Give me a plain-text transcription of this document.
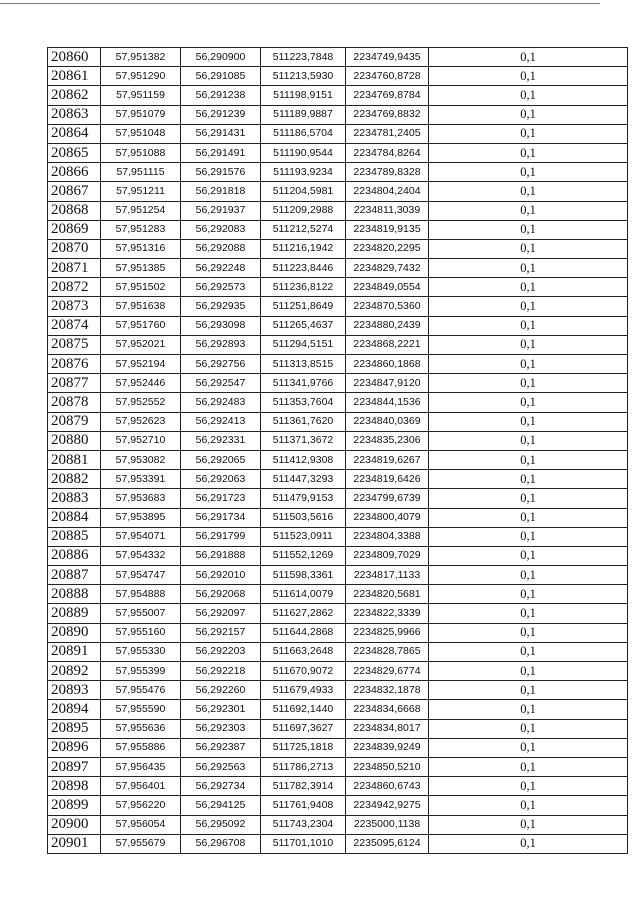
20860	57,951382	56,290900	511223,7848	2234749,9435	0,1
20861	57,951290	56,291085	511213,5930	2234760,8728	0,1
20862	57,951159	56,291238	511198,9151	2234769,8784	0,1
20863	57,951079	56,291239	511189,9887	2234769,8832	0,1
20864	57,951048	56,291431	511186,5704	2234781,2405	0,1
20865	57,951088	56,291491	511190,9544	2234784,8264	0,1
20866	57,951115	56,291576	511193,9234	2234789,8328	0,1
20867	57,951211	56,291818	511204,5981	2234804,2404	0,1
20868	57,951254	56,291937	511209,2988	2234811,3039	0,1
20869	57,951283	56,292083	511212,5274	2234819,9135	0,1
20870	57,951316	56,292088	511216,1942	2234820,2295	0,1
20871	57,951385	56,292248	511223,8446	2234829,7432	0,1
20872	57,951502	56,292573	511236,8122	2234849,0554	0,1
20873	57,951638	56,292935	511251,8649	2234870,5360	0,1
20874	57,951760	56,293098	511265,4637	2234880,2439	0,1
20875	57,952021	56,292893	511294,5151	2234868,2221	0,1
20876	57,952194	56,292756	511313,8515	2234860,1868	0,1
20877	57,952446	56,292547	511341,9766	2234847,9120	0,1
20878	57,952552	56,292483	511353,7604	2234844,1536	0,1
20879	57,952623	56,292413	511361,7620	2234840,0369	0,1
20880	57,952710	56,292331	511371,3672	2234835,2306	0,1
20881	57,953082	56,292065	511412,9308	2234819,6267	0,1
20882	57,953391	56,292063	511447,3293	2234819,6426	0,1
20883	57,953683	56,291723	511479,9153	2234799,6739	0,1
20884	57,953895	56,291734	511503,5616	2234800,4079	0,1
20885	57,954071	56,291799	511523,0911	2234804,3388	0,1
20886	57,954332	56,291888	511552,1269	2234809,7029	0,1
20887	57,954747	56,292010	511598,3361	2234817,1133	0,1
20888	57,954888	56,292068	511614,0079	2234820,5681	0,1
20889	57,955007	56,292097	511627,2862	2234822,3339	0,1
20890	57,955160	56,292157	511644,2868	2234825,9966	0,1
20891	57,955330	56,292203	511663,2648	2234828,7865	0,1
20892	57,955399	56,292218	511670,9072	2234829,6774	0,1
20893	57,955476	56,292260	511679,4933	2234832,1878	0,1
20894	57,955590	56,292301	511692,1440	2234834,6668	0,1
20895	57,955636	56,292303	511697,3627	2234834,8017	0,1
20896	57,955886	56,292387	511725,1818	2234839,9249	0,1
20897	57,956435	56,292563	511786,2713	2234850,5210	0,1
20898	57,956401	56,292734	511782,3914	2234860,6743	0,1
20899	57,956220	56,294125	511761,9408	2234942,9275	0,1
20900	57,956054	56,295092	511743,2304	2235000,1138	0,1
20901	57,955679	56,296708	511701,1010	2235095,6124	0,1
